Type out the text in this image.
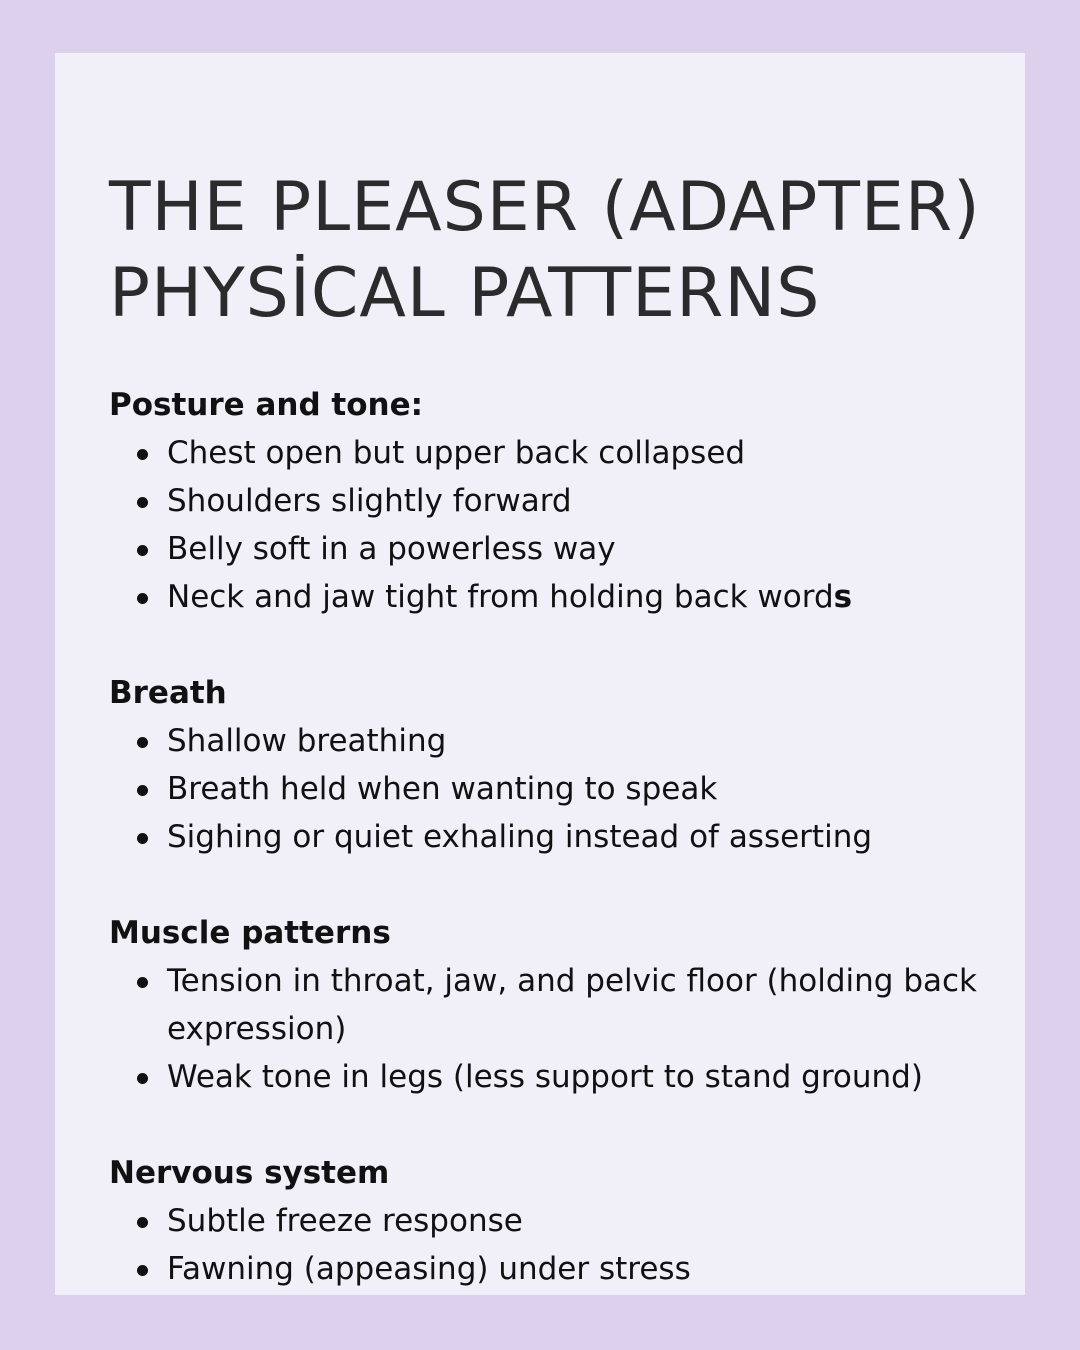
THE PLEASER (ADAPTER)
PHYSİCAL PATTERNS
Posture and tone:
Chest open but upper back collapsed
Shoulders slightly forward
Belly soft in a powerless way
Neck and jaw tight from holding back words
Breath
Shallow breathing
Breath held when wanting to speak
Sighing or quiet exhaling instead of asserting
Muscle patterns
Tension in throat, jaw, and pelvic floor (holding back expression)
Weak tone in legs (less support to stand ground)
Nervous system
Subtle freeze response
Fawning (appeasing) under stress
